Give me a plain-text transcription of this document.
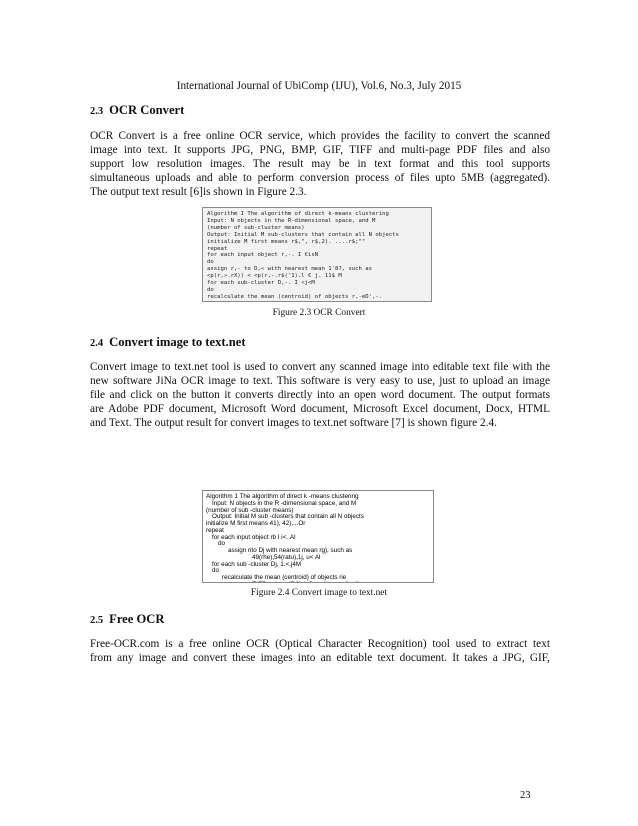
International Journal of UbiComp (IJU), Vol.6, No.3, July 2015
2.3 OCR Convert
OCR Convert is a free online OCR service, which provides the facility to convert the scanned
image into text. It supports JPG, PNG, BMP, GIF, TIFF and multi-page PDF files and also
support low resolution images. The result may be in text format and this tool supports
simultaneous uploads and able to perform conversion process of files upto 5MB (aggregated).
The output text result [6]is shown in Figure 2.3.
Algorithm I The algorithm of direct k-means clustering
Input: N objects in the R-dimensional space, and M
(number of sub-cluster means)
Output: Initial M sub-clusters that contain all N objects
initialize M first means r$,", r$,2). ....r$;""
repeat
for each input object r,-. I €isN
do
assign r,- to D,« with nearest mean 1'8?, such as
<p(r,».rX)) < <p(r,-.r$('1).l € j. 11$ M
for each sub-cluster D,-. I <j<M
do
recalculate the mean (centroid) of objects r,-eD',-.
Figure 2.3 OCR Convert
2.4 Convert image to text.net
Convert image to text.net tool is used to convert any scanned image into editable text file with the
new software JiNa OCR image to text. This software is very easy to use, just to upload an image
file and click on the button it converts directly into an open word document. The output formats
are Adobe PDF document, Microsoft Word document, Microsoft Excel document, Docx, HTML
and Text. The output result for convert images to text.net software [7] is shown figure 2.4.
Algorithm 1 The algorithm of direct k -means clustering
Input: N objects in the R -dimensional space, and M
(number of sub -cluster means)
Output: Initial M sub -clusters that contain all N objects
initialize M first means 41), 42),...Or
repeat
for each input object rb I i<..Al
do
assign rito Dj with nearest mean rg), such as
49(rhe),54(ratu),1j, u< Al
for each sub -cluster Dj, 1.<.j4M
do
recalculate the mean (centroid) of objects rie
Figure 2.4 Convert image to text.net
2.5 Free OCR
Free-OCR.com is a free online OCR (Optical Character Recognition) tool used to extract text
from any image and convert these images into an editable text document. It takes a JPG, GIF,
23
